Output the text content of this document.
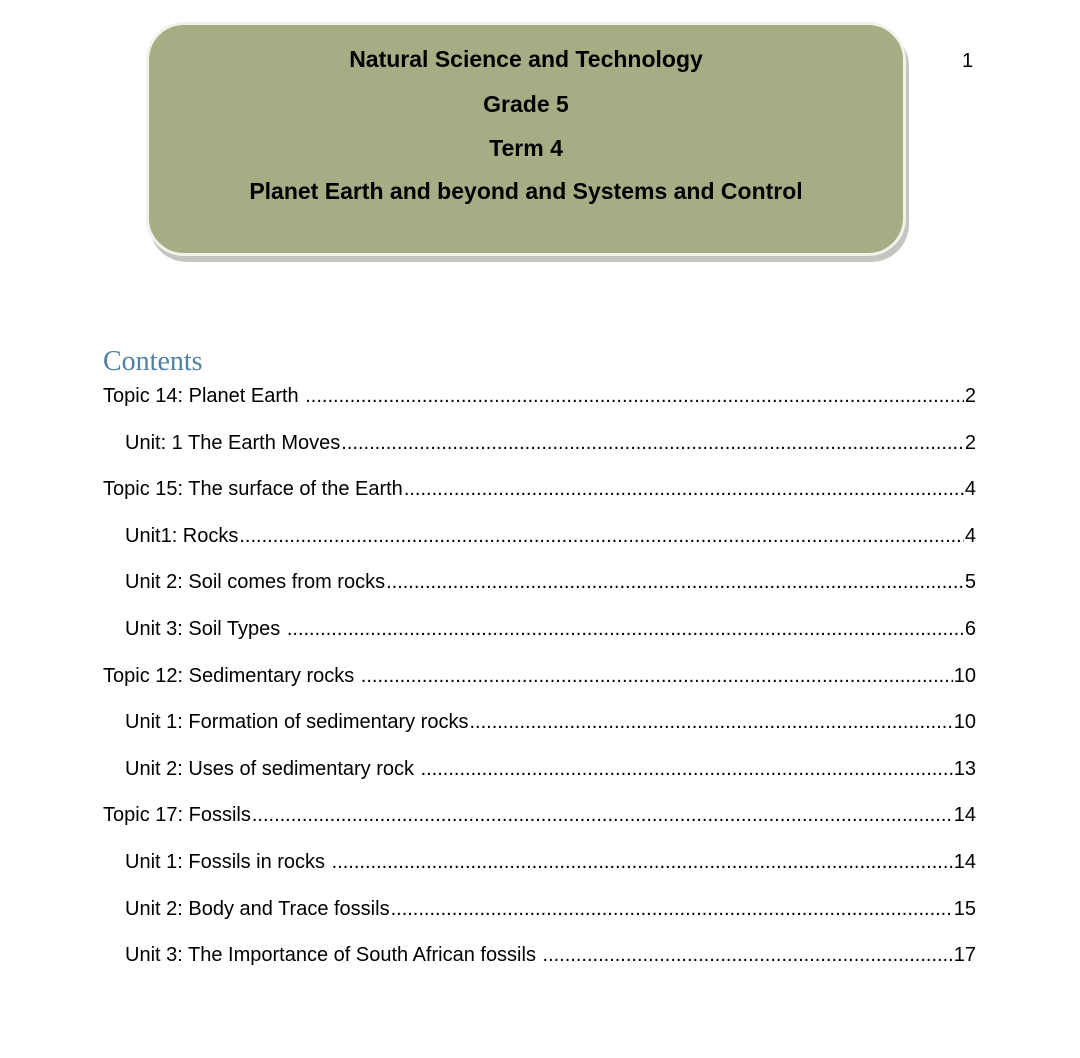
1
Natural Science and Technology
Grade 5
Term 4
Planet Earth and beyond and Systems and Control
Contents
Topic 14: Planet Earth .....	2
Unit: 1 The Earth Moves .....	2
Topic 15: The surface of the Earth .....	4
Unit1: Rocks .....	4
Unit 2: Soil comes from rocks .....	5
Unit 3: Soil Types .....	6
Topic 12: Sedimentary rocks .....	10
Unit 1: Formation of sedimentary rocks .....	10
Unit 2: Uses of sedimentary rock .....	13
Topic 17: Fossils .....	14
Unit 1: Fossils in rocks .....	14
Unit 2: Body and Trace fossils .....	15
Unit 3: The Importance of South African fossils .....	17
